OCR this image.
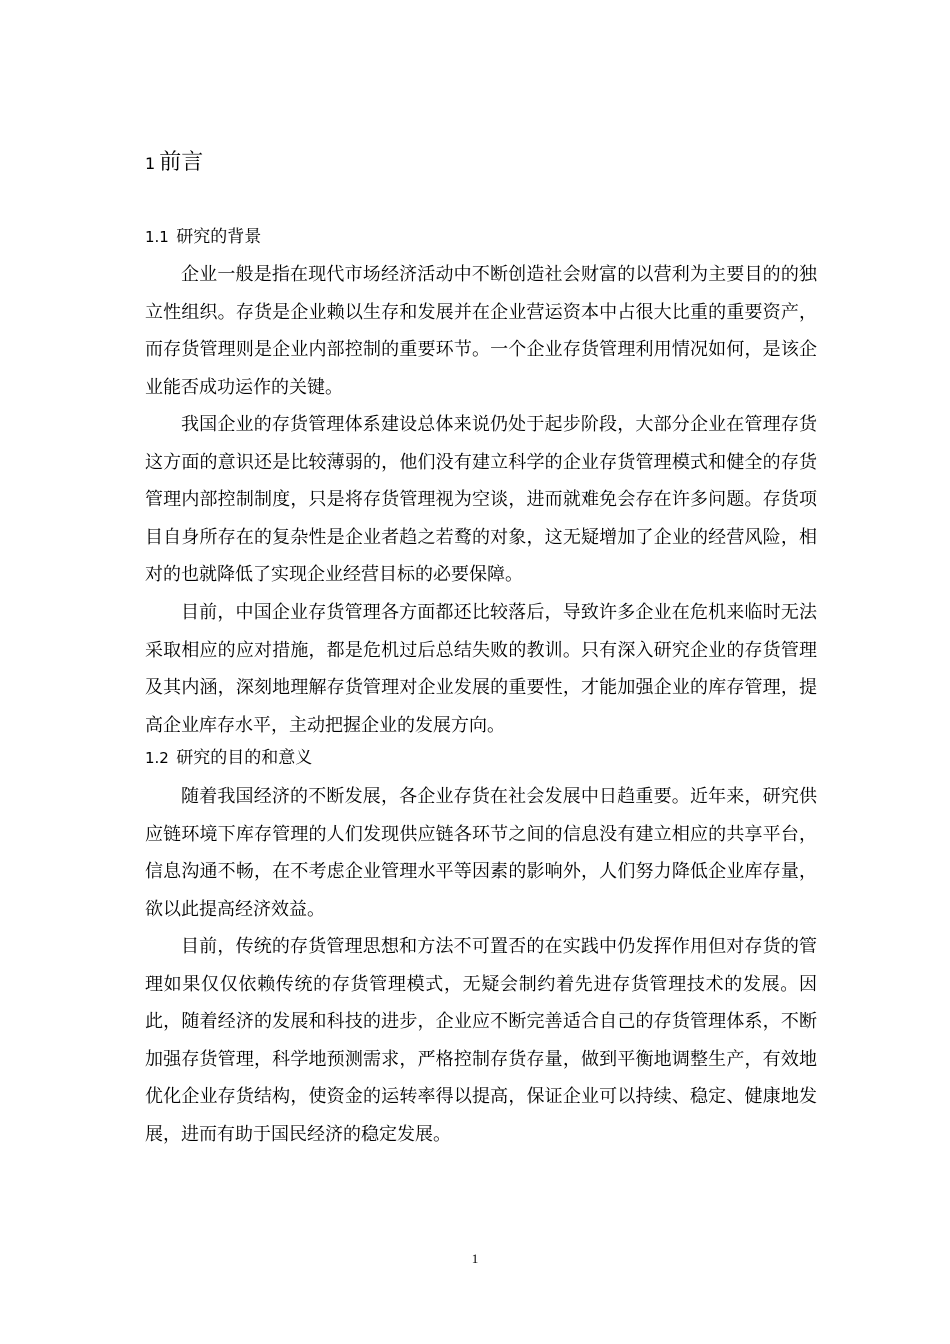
1 前言
1.1 研究的背景

企业一般是指在现代市场经济活动中不断创造社会财富的以营利为主要目的的独立性组织。存货是企业赖以生存和发展并在企业营运资本中占很大比重的重要资产，而存货管理则是企业内部控制的重要环节。一个企业存货管理利用情况如何，是该企业能否成功运作的关键。

我国企业的存货管理体系建设总体来说仍处于起步阶段，大部分企业在管理存货这方面的意识还是比较薄弱的，他们没有建立科学的企业存货管理模式和健全的存货管理内部控制制度，只是将存货管理视为空谈，进而就难免会存在许多问题。存货项目自身所存在的复杂性是企业者趋之若鹜的对象，这无疑增加了企业的经营风险，相对的也就降低了实现企业经营目标的必要保障。

目前，中国企业存货管理各方面都还比较落后，导致许多企业在危机来临时无法采取相应的应对措施，都是危机过后总结失败的教训。只有深入研究企业的存货管理及其内涵，深刻地理解存货管理对企业发展的重要性，才能加强企业的库存管理，提高企业库存水平，主动把握企业的发展方向。

1.2 研究的目的和意义

随着我国经济的不断发展，各企业存货在社会发展中日趋重要。近年来，研究供应链环境下库存管理的人们发现供应链各环节之间的信息没有建立相应的共享平台，信息沟通不畅，在不考虑企业管理水平等因素的影响外，人们努力降低企业库存量，欲以此提高经济效益。

目前，传统的存货管理思想和方法不可置否的在实践中仍发挥作用但对存货的管理如果仅仅依赖传统的存货管理模式，无疑会制约着先进存货管理技术的发展。因此，随着经济的发展和科技的进步，企业应不断完善适合自己的存货管理体系，不断加强存货管理，科学地预测需求，严格控制存货存量，做到平衡地调整生产，有效地优化企业存货结构，使资金的运转率得以提高，保证企业可以持续、稳定、健康地发展，进而有助于国民经济的稳定发展。

1
